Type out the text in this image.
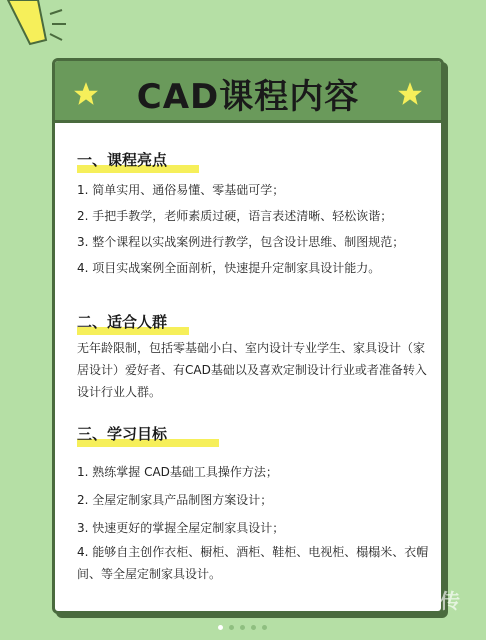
CAD课程内容
一、课程亮点
1. 简单实用、通俗易懂、零基础可学；
2. 手把手教学，老师素质过硬，语言表述清晰、轻松诙谐；
3. 整个课程以实战案例进行教学，包含设计思维、制图规范；
4. 项目实战案例全面剖析，快速提升定制家具设计能力。
二、适合人群
无年龄限制，包括零基础小白、室内设计专业学生、家具设计（家居设计）爱好者、有CAD基础以及喜欢定制设计行业或者准备转入设计行业人群。
三、学习目标
1. 熟练掌握 CAD基础工具操作方法；
2. 全屋定制家具产品制图方案设计；
3. 快速更好的掌握全屋定制家具设计；
4. 能够自主创作衣柜、橱柜、酒柜、鞋柜、电视柜、榻榻米、衣帽间、等全屋定制家具设计。
传
